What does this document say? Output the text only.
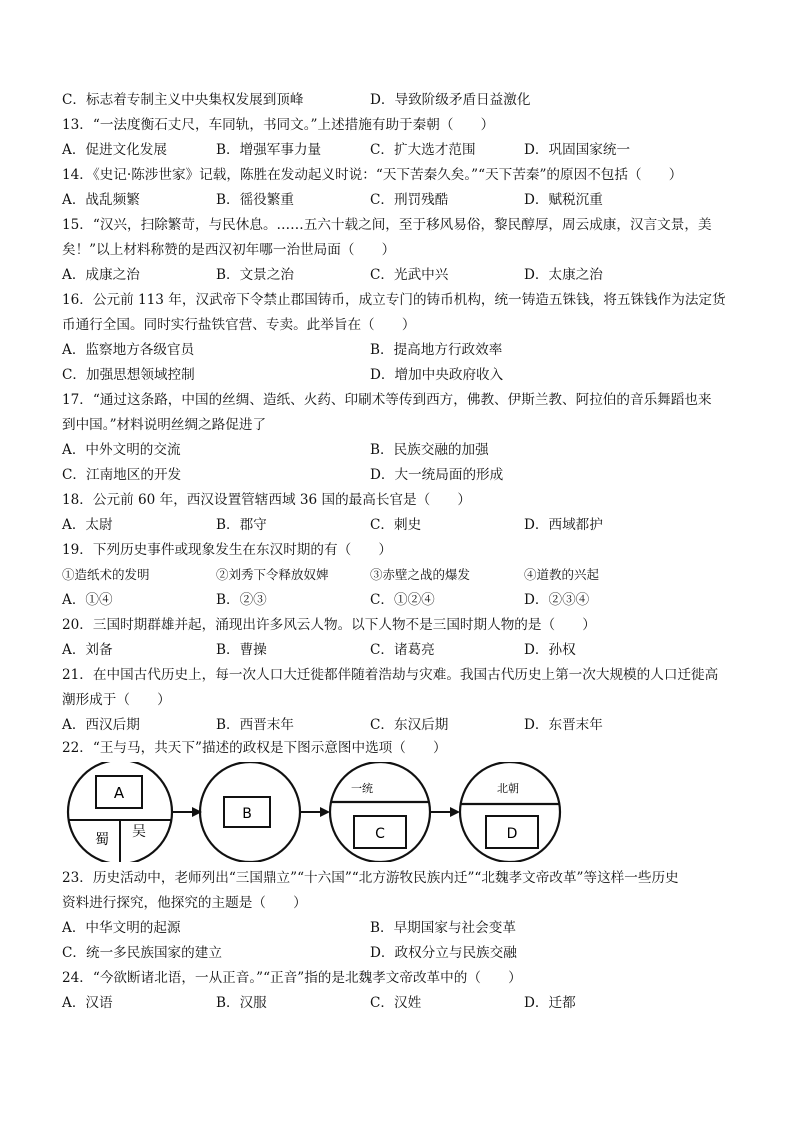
C．标志着专制主义中央集权发展到顶峰	D．导致阶级矛盾日益激化
13．“一法度衡石丈尺，车同轨，书同文。”上述措施有助于秦朝（　　）
A．促进文化发展	B．增强军事力量	C．扩大选才范围	D．巩固国家统一
14．《史记·陈涉世家》记载，陈胜在发动起义时说：“天下苦秦久矣。”“天下苦秦”的原因不包括（　　）
A．战乱频繁	B．徭役繁重	C．刑罚残酷	D．赋税沉重
15．“汉兴，扫除繁苛，与民休息。……五六十载之间，至于移风易俗，黎民醇厚，周云成康，汉言文景，美
矣！”以上材料称赞的是西汉初年哪一治世局面（　　）
A．成康之治	B．文景之治	C．光武中兴	D．太康之治
16．公元前 113 年，汉武帝下令禁止郡国铸币，成立专门的铸币机构，统一铸造五铢钱，将五铢钱作为法定货
币通行全国。同时实行盐铁官营、专卖。此举旨在（　　）
A．监察地方各级官员	B．提高地方行政效率
C．加强思想领域控制	D．增加中央政府收入
17．“通过这条路，中国的丝绸、造纸、火药、印刷术等传到西方，佛教、伊斯兰教、阿拉伯的音乐舞蹈也来
到中国。”材料说明丝绸之路促进了
A．中外文明的交流	B．民族交融的加强
C．江南地区的开发	D．大一统局面的形成
18．公元前 60 年，西汉设置管辖西域 36 国的最高长官是（　　）
A．太尉	B．郡守	C．刺史	D．西域都护
19．下列历史事件或现象发生在东汉时期的有（　　）
①造纸术的发明	②刘秀下令释放奴婢	③赤壁之战的爆发	④道教的兴起
A．①④	B．②③	C．①②④	D．②③④
20．三国时期群雄并起，涌现出许多风云人物。以下人物不是三国时期人物的是（　　）
A．刘备	B．曹操	C．诸葛亮	D．孙权
21．在中国古代历史上，每一次人口大迁徙都伴随着浩劫与灾难。我国古代历史上第一次大规模的人口迁徙高
潮形成于（　　）
A．西汉后期	B．西晋末年	C．东汉后期	D．东晋末年
22．“王与马，共天下”描述的政权是下图示意图中选项（　　）
A
蜀 吴
B
一统
C
北朝
D
23．历史活动中，老师列出“三国鼎立”“十六国”“北方游牧民族内迁”“北魏孝文帝改革”等这样一些历史
资料进行探究，他探究的主题是（　　）
A．中华文明的起源	B．早期国家与社会变革
C．统一多民族国家的建立	D．政权分立与民族交融
24．“今欲断诸北语，一从正音。”“正音”指的是北魏孝文帝改革中的（　　）
A．汉语	B．汉服	C．汉姓	D．迁都
